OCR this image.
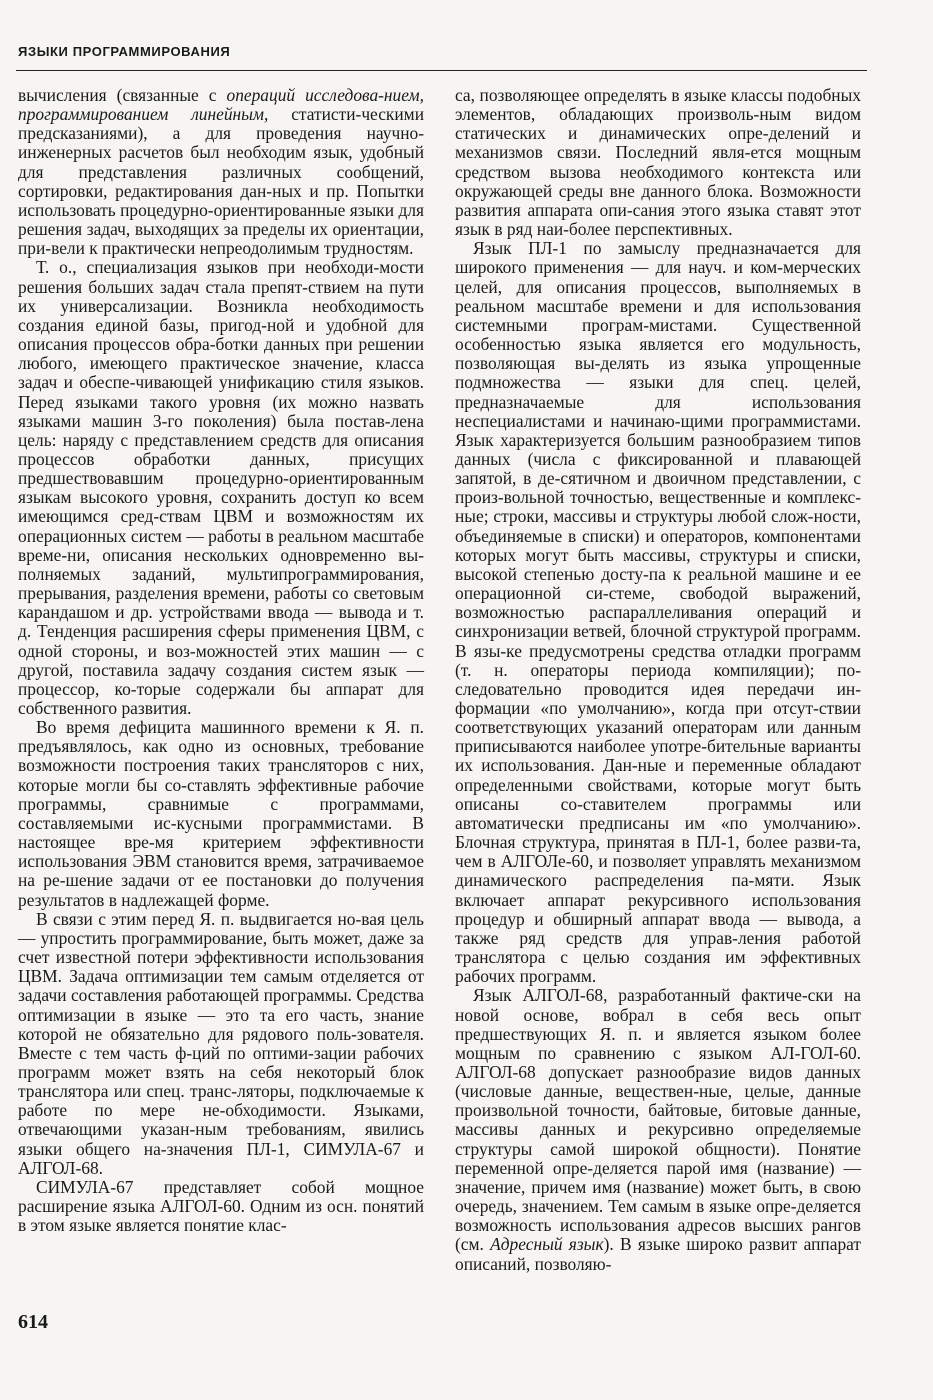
ЯЗЫКИ ПРОГРАММИРОВАНИЯ

вычисления (связанные с операций исследова-нием, программированием линейным, статисти-ческими предсказаниями), а для проведения научно-инженерных расчетов был необходим язык, удобный для представления различных сообщений, сортировки, редактирования дан-ных и пр. Попытки использовать процедурно-ориентированные языки для решения задач, выходящих за пределы их ориентации, при-вели к практически непреодолимым трудностям.

Т. о., специализация языков при необходи-мости решения больших задач стала препят-ствием на пути их универсализации. Возникла необходимость создания единой базы, пригод-ной и удобной для описания процессов обра-ботки данных при решении любого, имеющего практическое значение, класса задач и обеспе-чивающей унификацию стиля языков. Перед языками такого уровня (их можно назвать языками машин 3-го поколения) была постав-лена цель: наряду с представлением средств для описания процессов обработки данных, присущих предшествовавшим процедурно-ориентированным языкам высокого уровня, сохранить доступ ко всем имеющимся сред-ствам ЦВМ и возможностям их операционных систем — работы в реальном масштабе време-ни, описания нескольких одновременно вы-полняемых заданий, мультипрограммирования, прерывания, разделения времени, работы со световым карандашом и др. устройствами ввода — вывода и т. д. Тенденция расширения сферы применения ЦВМ, с одной стороны, и воз-можностей этих машин — с другой, поставила задачу создания систем язык — процессор, ко-торые содержали бы аппарат для собственного развития.

Во время дефицита машинного времени к Я. п. предъявлялось, как одно из основных, требование возможности построения таких трансляторов с них, которые могли бы со-ставлять эффективные рабочие программы, сравнимые с программами, составляемыми ис-кусными программистами. В настоящее вре-мя критерием эффективности использования ЭВМ становится время, затрачиваемое на ре-шение задачи от ее постановки до получения результатов в надлежащей форме.

В связи с этим перед Я. п. выдвигается но-вая цель — упростить программирование, быть может, даже за счет известной потери эффективности использования ЦВМ. Задача оптимизации тем самым отделяется от задачи составления работающей программы. Средства оптимизации в языке — это та его часть, знание которой не обязательно для рядового поль-зователя. Вместе с тем часть ф-ций по оптими-зации рабочих программ может взять на себя некоторый блок транслятора или спец. транс-ляторы, подключаемые к работе по мере не-обходимости. Языками, отвечающими указан-ным требованиям, явились языки общего на-значения ПЛ-1, СИМУЛА-67 и АЛГОЛ-68.

СИМУЛА-67 представляет собой мощное расширение языка АЛГОЛ-60. Одним из осн. понятий в этом языке является понятие клас-

са, позволяющее определять в языке классы подобных элементов, обладающих произволь-ным видом статических и динамических опре-делений и механизмов связи. Последний явля-ется мощным средством вызова необходимого контекста или окружающей среды вне данного блока. Возможности развития аппарата опи-сания этого языка ставят этот язык в ряд наи-более перспективных.

Язык ПЛ-1 по замыслу предназначается для широкого применения — для науч. и ком-мерческих целей, для описания процессов, выполняемых в реальном масштабе времени и для использования системными програм-мистами. Существенной особенностью языка является его модульность, позволяющая вы-делять из языка упрощенные подмножества — языки для спец. целей, предназначаемые для использования неспециалистами и начинаю-щими программистами. Язык характеризуется большим разнообразием типов данных (числа с фиксированной и плавающей запятой, в де-сятичном и двоичном представлении, с произ-вольной точностью, вещественные и комплекс-ные; строки, массивы и структуры любой слож-ности, объединяемые в списки) и операторов, компонентами которых могут быть массивы, структуры и списки, высокой степенью досту-па к реальной машине и ее операционной си-стеме, свободой выражений, возможностью распараллеливания операций и синхронизации ветвей, блочной структурой программ. В язы-ке предусмотрены средства отладки программ (т. н. операторы периода компиляции); по-следовательно проводится идея передачи ин-формации «по умолчанию», когда при отсут-ствии соответствующих указаний операторам или данным приписываются наиболее употре-бительные варианты их использования. Дан-ные и переменные обладают определенными свойствами, которые могут быть описаны со-ставителем программы или автоматически предписаны им «по умолчанию». Блочная структура, принятая в ПЛ-1, более разви-та, чем в АЛГОЛе-60, и позволяет управлять механизмом динамического распределения па-мяти. Язык включает аппарат рекурсивного использования процедур и обширный аппарат ввода — вывода, а также ряд средств для управ-ления работой транслятора с целью создания им эффективных рабочих программ.

Язык АЛГОЛ-68, разработанный фактиче-ски на новой основе, вобрал в себя весь опыт предшествующих Я. п. и является языком более мощным по сравнению с языком АЛ-ГОЛ-60. АЛГОЛ-68 допускает разнообразие видов данных (числовые данные, веществен-ные, целые, данные произвольной точности, байтовые, битовые данные, массивы данных и рекурсивно определяемые структуры самой широкой общности). Понятие переменной опре-деляется парой имя (название) — значение, причем имя (название) может быть, в свою очередь, значением. Тем самым в языке опре-деляется возможность использования адресов высших рангов (см. Адресный язык). В языке широко развит аппарат описаний, позволяю-

614
